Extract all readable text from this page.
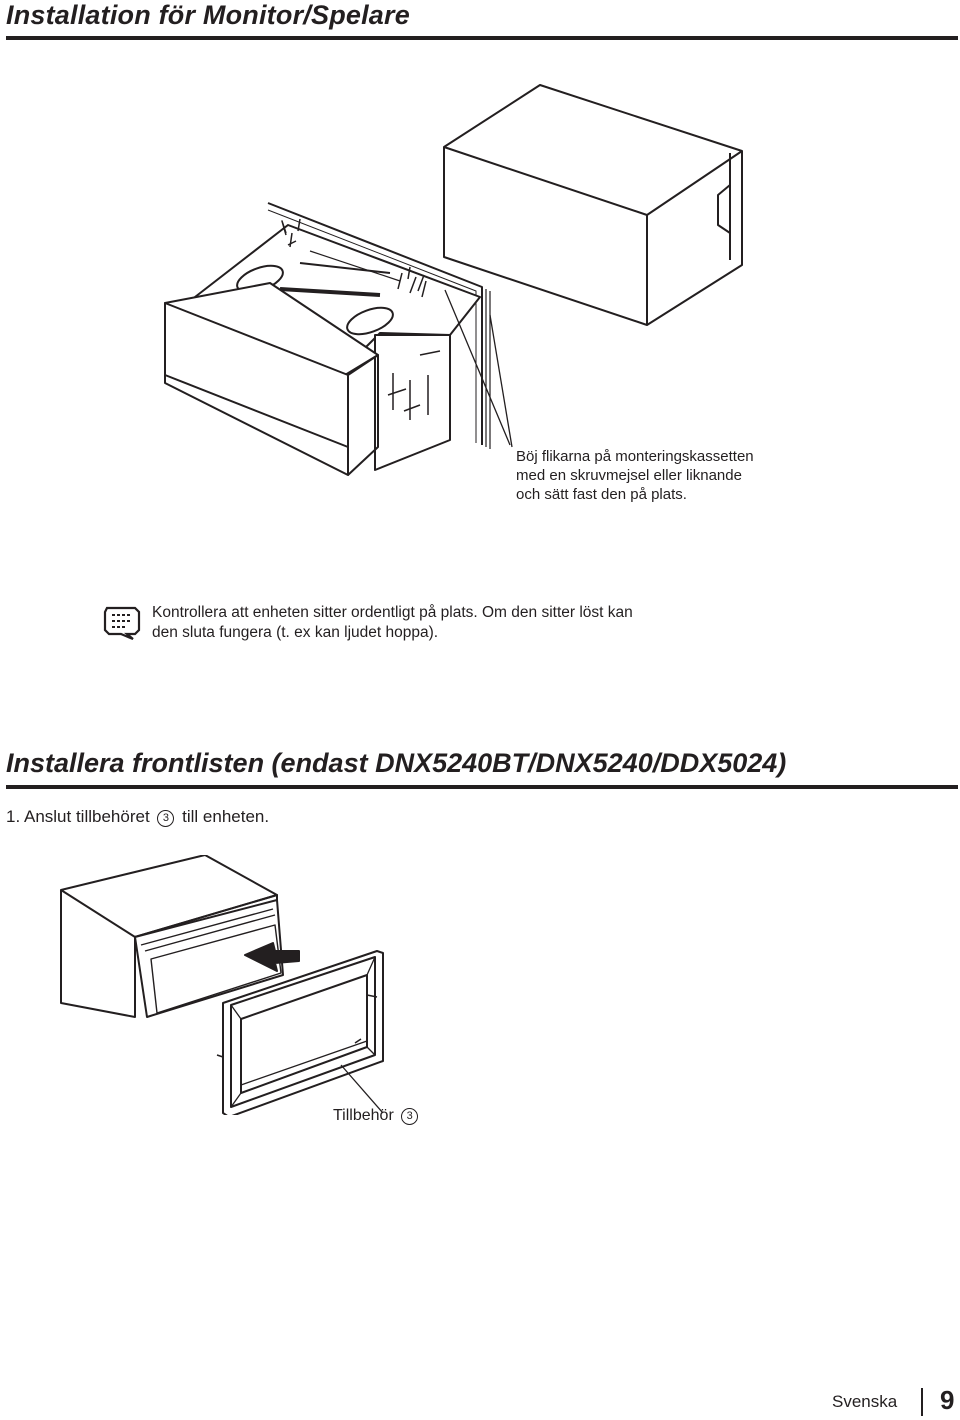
Installation för Monitor/Spelare
Böj flikarna på monteringskassetten
med en skruvmejsel eller liknande
och sätt fast den på plats.
Kontrollera att enheten sitter ordentligt på plats. Om den sitter löst kan
den sluta fungera (t. ex kan ljudet hoppa).
Installera frontlisten (endast DNX5240BT/DNX5240/DDX5024)
1. Anslut tillbehöret 3 till enheten.
Tillbehör 3
Svenska 9
